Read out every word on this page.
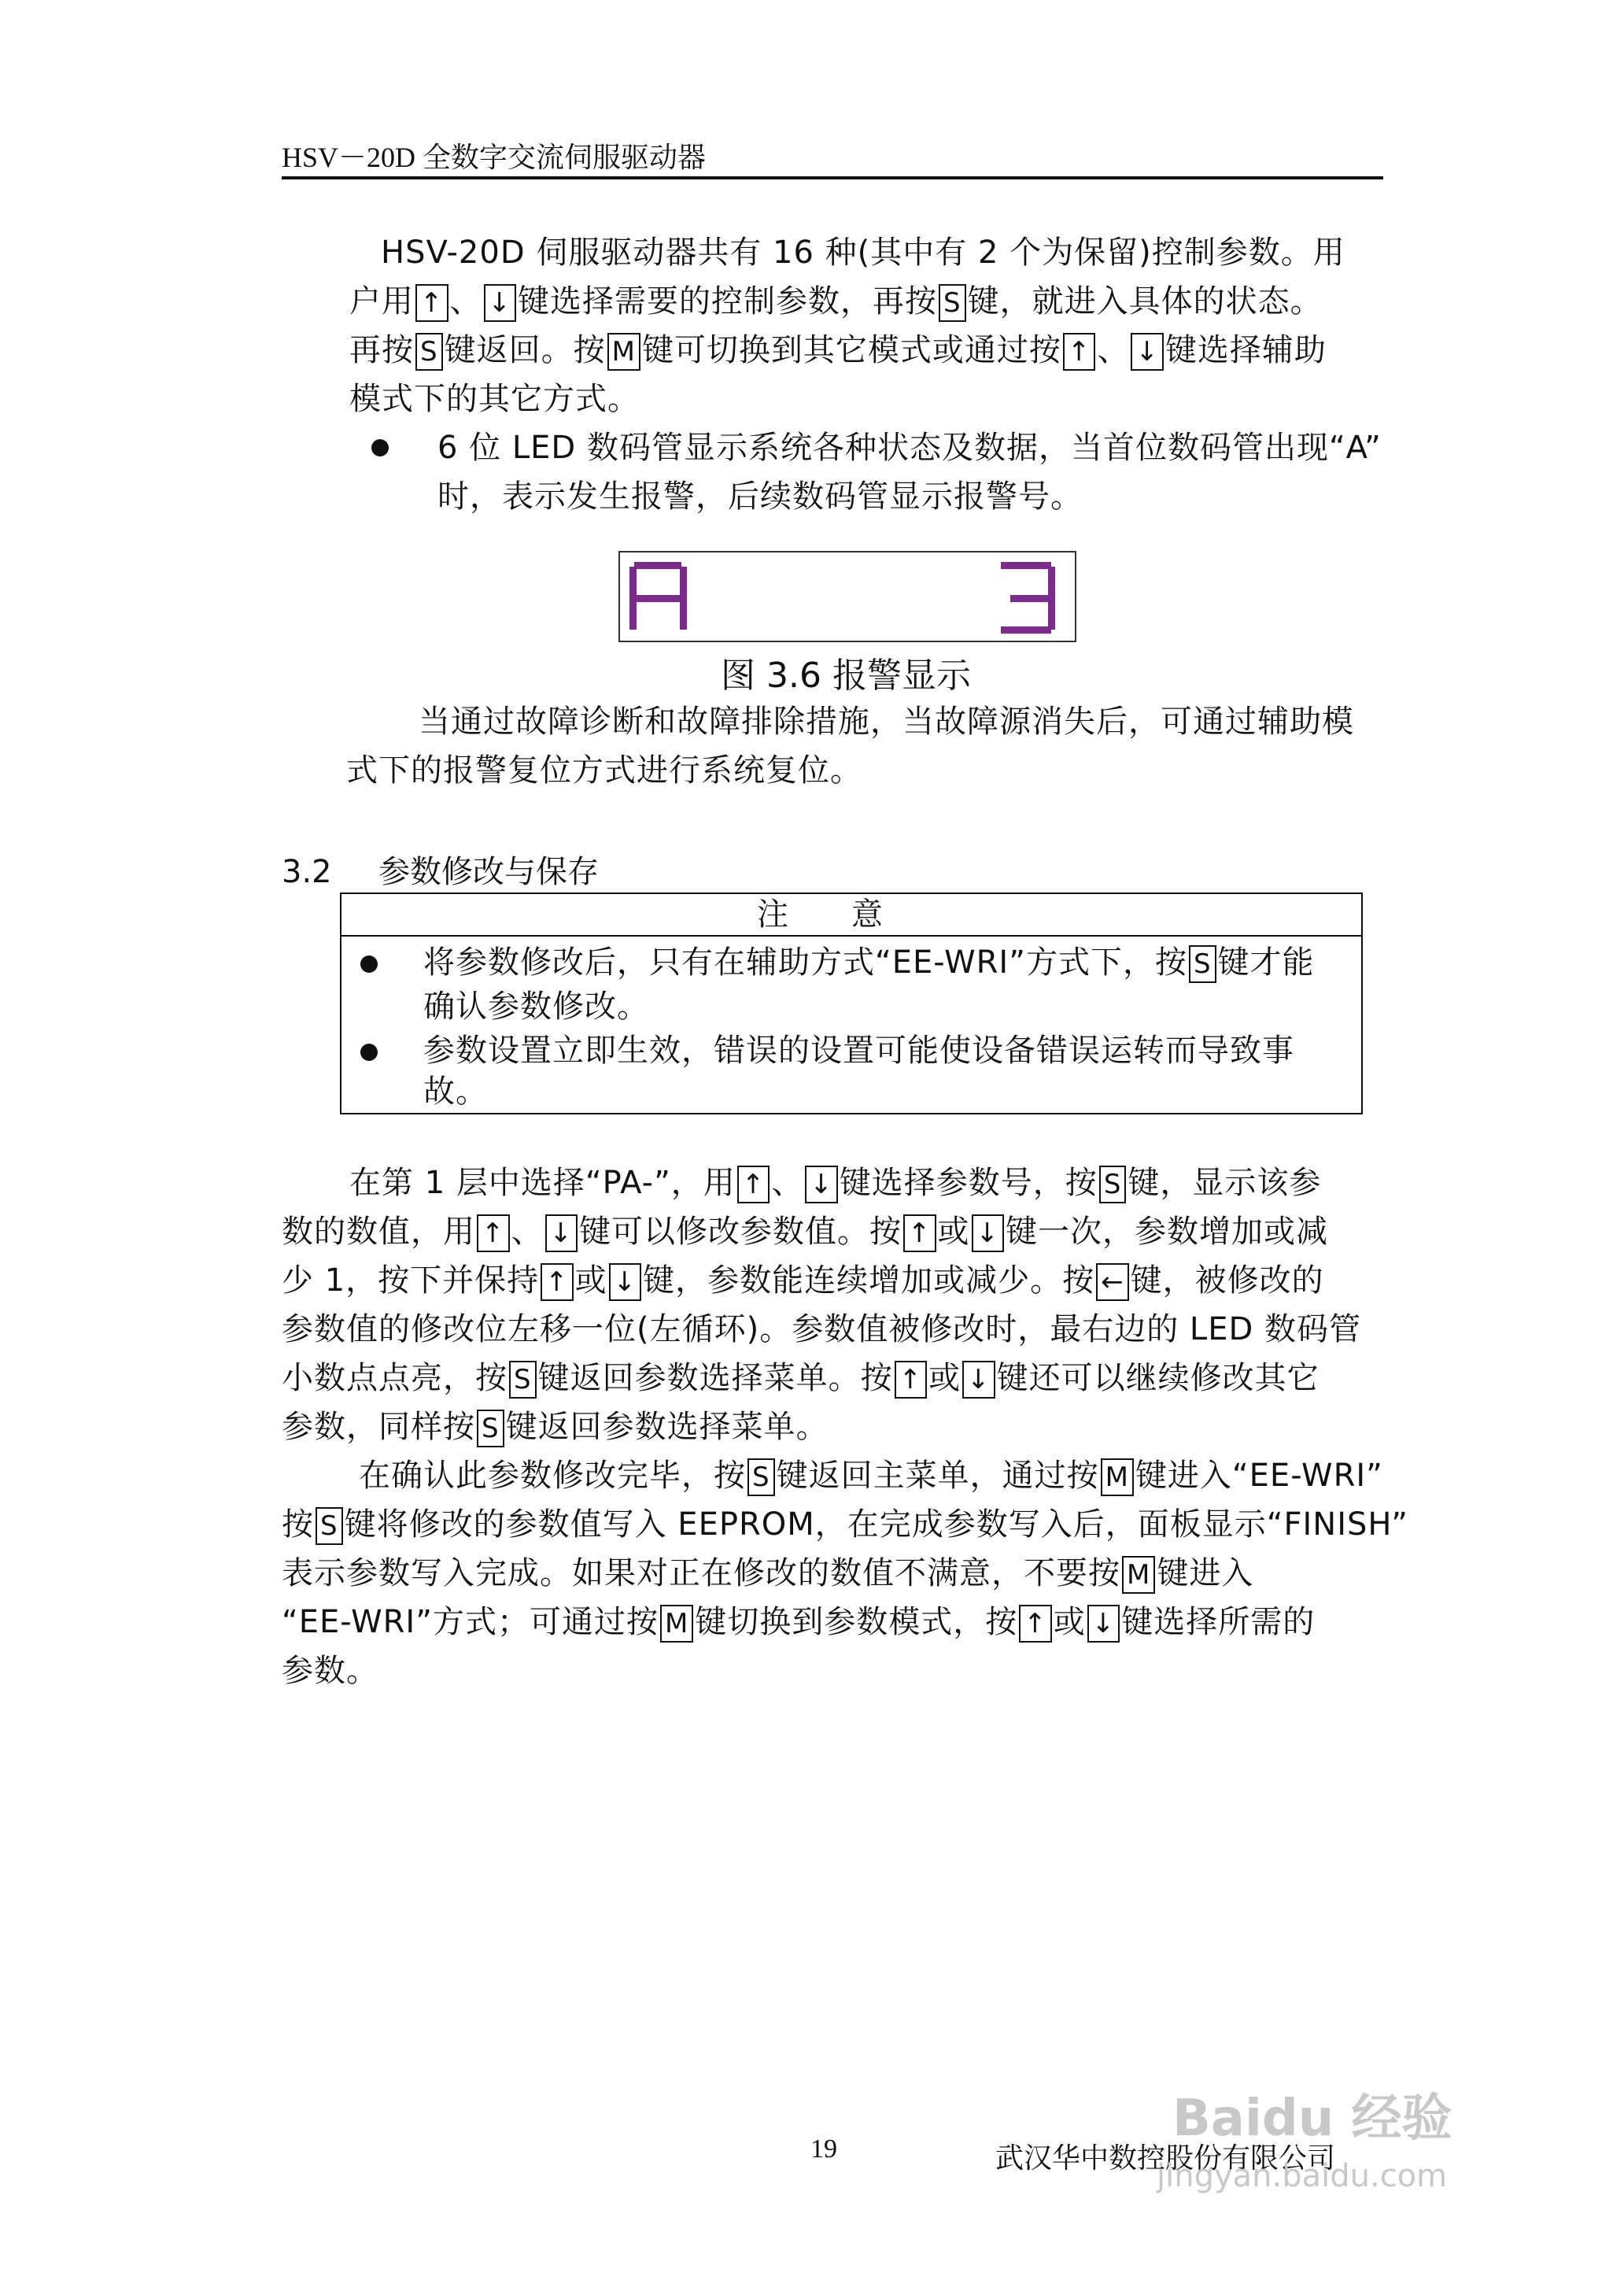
HSV－20D 全数字交流伺服驱动器
HSV-20D 伺服驱动器共有 16 种(其中有 2 个为保留)控制参数。用
户用 ↑ 、 ↓ 键选择需要的控制参数，再按 S 键，就进入具体的状态。
再按 S 键返回。按 M 键可切换到其它模式或通过按 ↑ 、 ↓ 键选择辅助
模式下的其它方式。
6 位 LED 数码管显示系统各种状态及数据，当首位数码管出现“A”
时，表示发生报警，后续数码管显示报警号。
图 3.6 报警显示
当通过故障诊断和故障排除措施，当故障源消失后，可通过辅助模
式下的报警复位方式进行系统复位。
3.2 参数修改与保存
注意
将参数修改后，只有在辅助方式“EE-WRI”方式下，按 S 键才能
确认参数修改。
参数设置立即生效，错误的设置可能使设备错误运转而导致事
故。
在第 1 层中选择“PA-”，用 ↑ 、 ↓ 键选择参数号，按 S 键，显示该参
数的数值，用 ↑ 、 ↓ 键可以修改参数值。按 ↑ 或 ↓ 键一次，参数增加或减
少 1，按下并保持 ↑ 或 ↓ 键，参数能连续增加或减少。按 ← 键，被修改的
参数值的修改位左移一位(左循环)。参数值被修改时，最右边的 LED 数码管
小数点点亮，按 S 键返回参数选择菜单。按 ↑ 或 ↓ 键还可以继续修改其它
参数，同样按 S 键返回参数选择菜单。
在确认此参数修改完毕，按 S 键返回主菜单，通过按 M 键进入“EE-WRI”
按 S 键将修改的参数值写入 EEPROM，在完成参数写入后，面板显示“FINISH”
表示参数写入完成。如果对正在修改的数值不满意，不要按 M 键进入
“EE-WRI”方式；可通过按 M 键切换到参数模式，按 ↑ 或 ↓ 键选择所需的
参数。
19	武汉华中数控股份有限公司
Baidu 经验
jingyan.baidu.com
